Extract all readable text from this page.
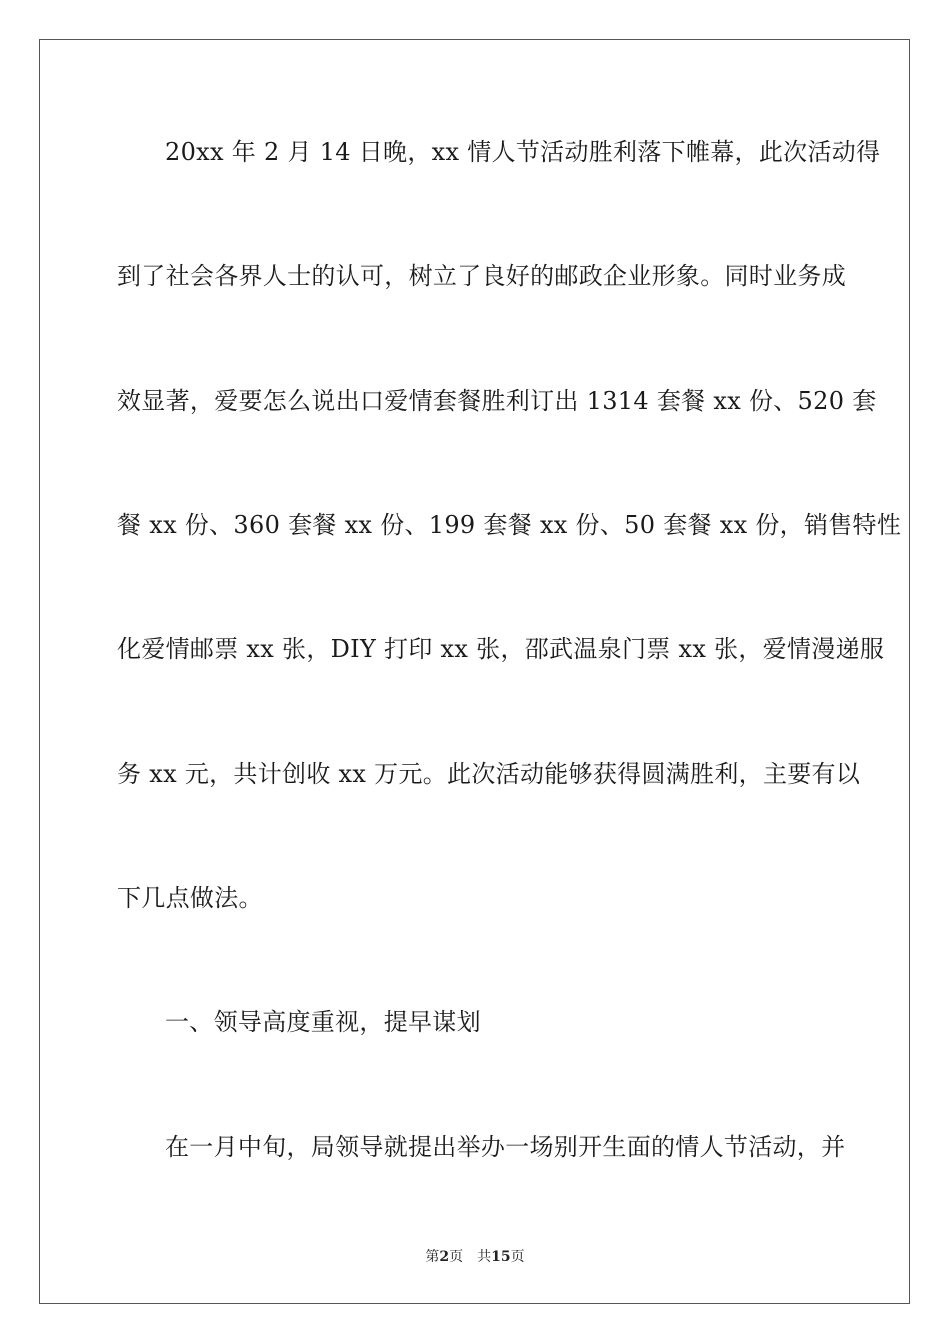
20xx 年 2 月 14 日晚，xx 情人节活动胜利落下帷幕，此次活动得
到了社会各界人士的认可，树立了良好的邮政企业形象。同时业务成
效显著，爱要怎么说出口爱情套餐胜利订出 1314 套餐 xx 份、520 套
餐 xx 份、360 套餐 xx 份、199 套餐 xx 份、50 套餐 xx 份，销售特性
化爱情邮票 xx 张，DIY 打印 xx 张，邵武温泉门票 xx 张，爱情漫递服
务 xx 元，共计创收 xx 万元。此次活动能够获得圆满胜利，主要有以
下几点做法。
一、领导高度重视，提早谋划
在一月中旬，局领导就提出举办一场别开生面的情人节活动，并
第2页 共15页
